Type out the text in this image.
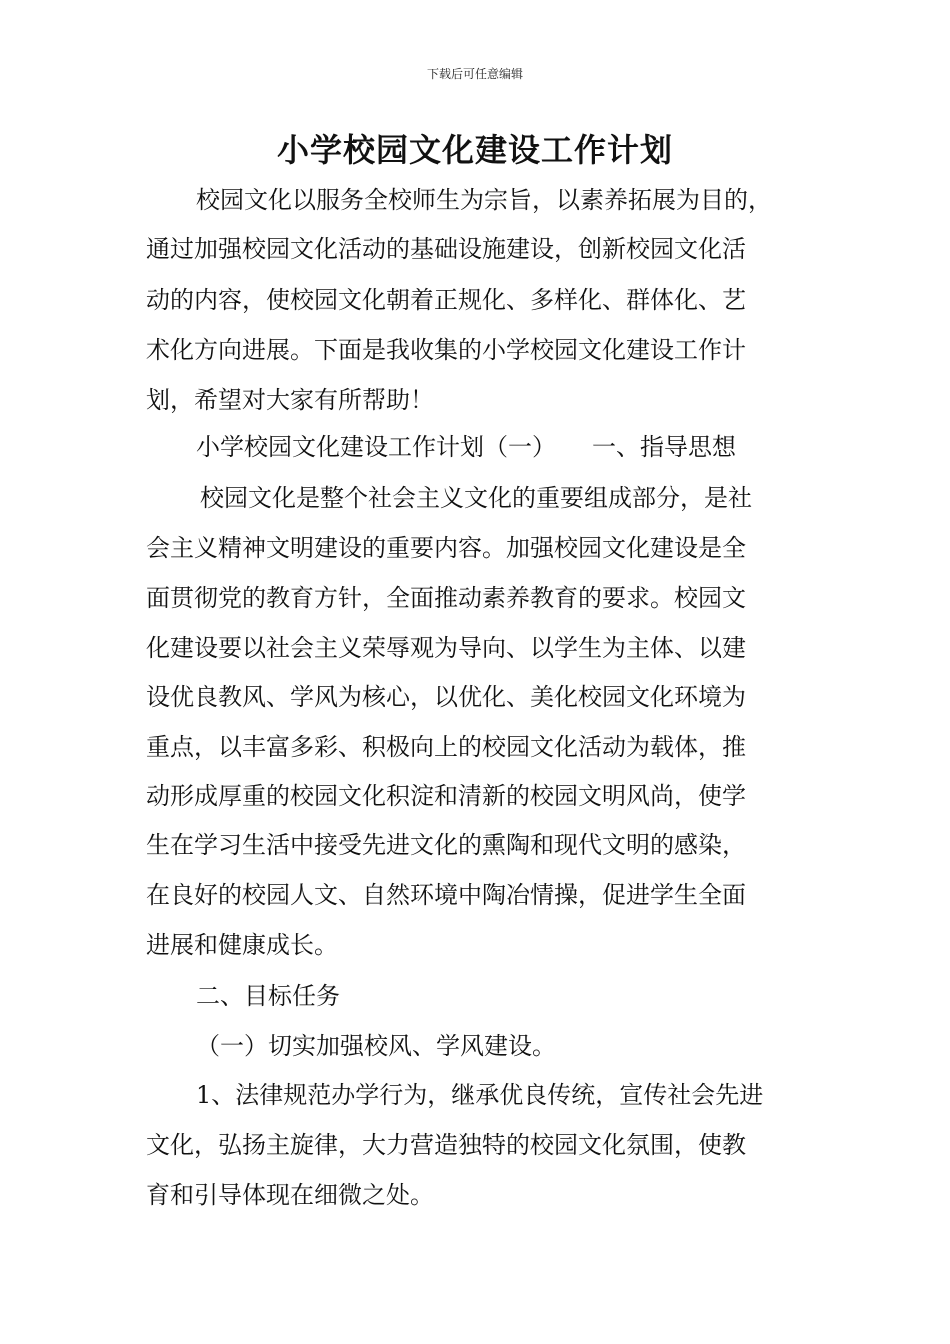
下载后可任意编辑
小学校园文化建设工作计划

校园文化以服务全校师生为宗旨，以素养拓展为目的，

通过加强校园文化活动的基础设施建设，创新校园文化活

动的内容，使校园文化朝着正规化、多样化、群体化、艺

术化方向进展。下面是我收集的小学校园文化建设工作计

划，希望对大家有所帮助！

小学校园文化建设工作计划（一）　　一、指导思想

校园文化是整个社会主义文化的重要组成部分，是社

会主义精神文明建设的重要内容。加强校园文化建设是全

面贯彻党的教育方针，全面推动素养教育的要求。校园文

化建设要以社会主义荣辱观为导向、以学生为主体、以建

设优良教风、学风为核心，以优化、美化校园文化环境为

重点，以丰富多彩、积极向上的校园文化活动为载体，推

动形成厚重的校园文化积淀和清新的校园文明风尚，使学

生在学习生活中接受先进文化的熏陶和现代文明的感染，

在良好的校园人文、自然环境中陶冶情操，促进学生全面

进展和健康成长。

二、目标任务

（一）切实加强校风、学风建设。

1、法律规范办学行为，继承优良传统，宣传社会先进

文化，弘扬主旋律，大力营造独特的校园文化氛围，使教

育和引导体现在细微之处。
